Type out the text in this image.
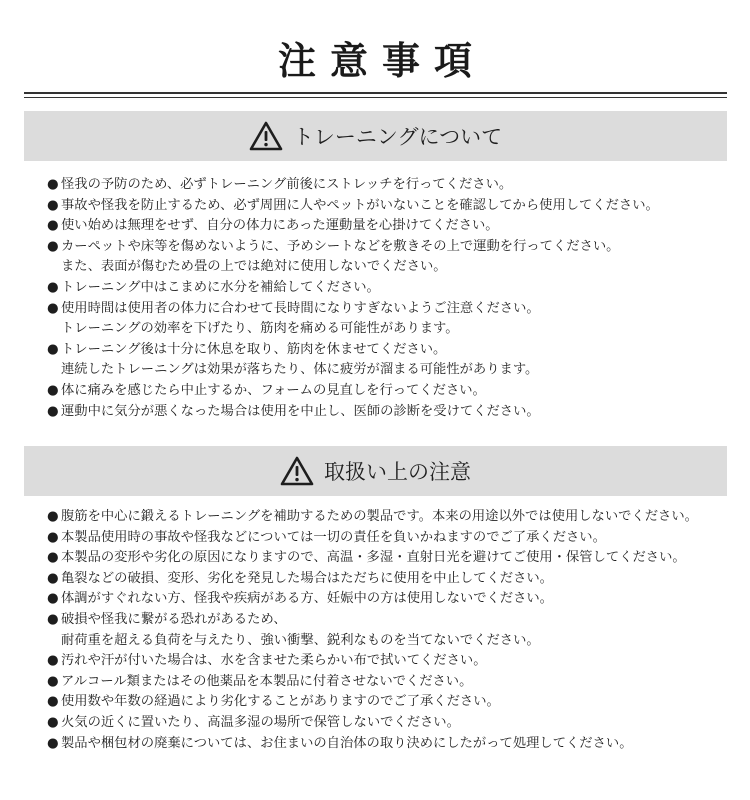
注意事項
トレーニングについて
● 怪我の予防のため、必ずトレーニング前後にストレッチを行ってください。
● 事故や怪我を防止するため、必ず周囲に人やペットがいないことを確認してから使用してください。
● 使い始めは無理をせず、自分の体力にあった運動量を心掛けてください。
● カーペットや床等を傷めないように、予めシートなどを敷きその上で運動を行ってください。
また、表面が傷むため畳の上では絶対に使用しないでください。
● トレーニング中はこまめに水分を補給してください。
● 使用時間は使用者の体力に合わせて長時間になりすぎないようご注意ください。
トレーニングの効率を下げたり、筋肉を痛める可能性があります。
● トレーニング後は十分に休息を取り、筋肉を休ませてください。
連続したトレーニングは効果が落ちたり、体に疲労が溜まる可能性があります。
● 体に痛みを感じたら中止するか、フォームの見直しを行ってください。
● 運動中に気分が悪くなった場合は使用を中止し、医師の診断を受けてください。
取扱い上の注意
● 腹筋を中心に鍛えるトレーニングを補助するための製品です。本来の用途以外では使用しないでください。
● 本製品使用時の事故や怪我などについては一切の責任を負いかねますのでご了承ください。
● 本製品の変形や劣化の原因になりますので、高温・多湿・直射日光を避けてご使用・保管してください。
● 亀裂などの破損、変形、劣化を発見した場合はただちに使用を中止してください。
● 体調がすぐれない方、怪我や疾病がある方、妊娠中の方は使用しないでください。
● 破損や怪我に繋がる恐れがあるため、
耐荷重を超える負荷を与えたり、強い衝撃、鋭利なものを当てないでください。
● 汚れや汗が付いた場合は、水を含ませた柔らかい布で拭いてください。
● アルコール類またはその他薬品を本製品に付着させないでください。
● 使用数や年数の経過により劣化することがありますのでご了承ください。
● 火気の近くに置いたり、高温多湿の場所で保管しないでください。
● 製品や梱包材の廃棄については、お住まいの自治体の取り決めにしたがって処理してください。
